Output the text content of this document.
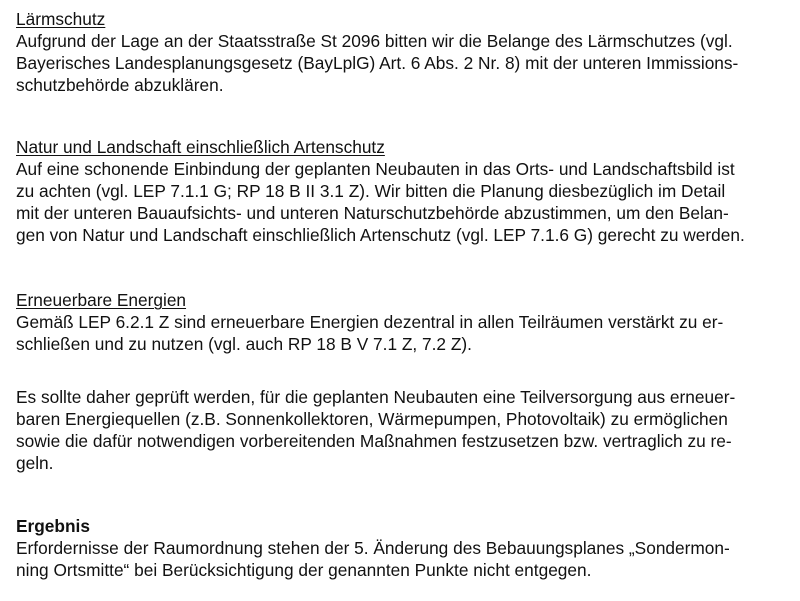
Lärmschutz
Aufgrund der Lage an der Staatsstraße St 2096 bitten wir die Belange des Lärmschutzes (vgl.
Bayerisches Landesplanungsgesetz (BayLplG) Art. 6 Abs. 2 Nr. 8) mit der unteren Immissions-
schutzbehörde abzuklären.
Natur und Landschaft einschließlich Artenschutz
Auf eine schonende Einbindung der geplanten Neubauten in das Orts- und Landschaftsbild ist
zu achten (vgl. LEP 7.1.1 G; RP 18 B II 3.1 Z). Wir bitten die Planung diesbezüglich im Detail
mit der unteren Bauaufsichts- und unteren Naturschutzbehörde abzustimmen, um den Belan-
gen von Natur und Landschaft einschließlich Artenschutz (vgl. LEP 7.1.6 G) gerecht zu werden.
Erneuerbare Energien
Gemäß LEP 6.2.1 Z sind erneuerbare Energien dezentral in allen Teilräumen verstärkt zu er-
schließen und zu nutzen (vgl. auch RP 18 B V 7.1 Z, 7.2 Z).
Es sollte daher geprüft werden, für die geplanten Neubauten eine Teilversorgung aus erneuer-
baren Energiequellen (z.B. Sonnenkollektoren, Wärmepumpen, Photovoltaik) zu ermöglichen
sowie die dafür notwendigen vorbereitenden Maßnahmen festzusetzen bzw. vertraglich zu re-
geln.
Ergebnis
Erfordernisse der Raumordnung stehen der 5. Änderung des Bebauungsplanes „Sondermon-
ning Ortsmitte“ bei Berücksichtigung der genannten Punkte nicht entgegen.
